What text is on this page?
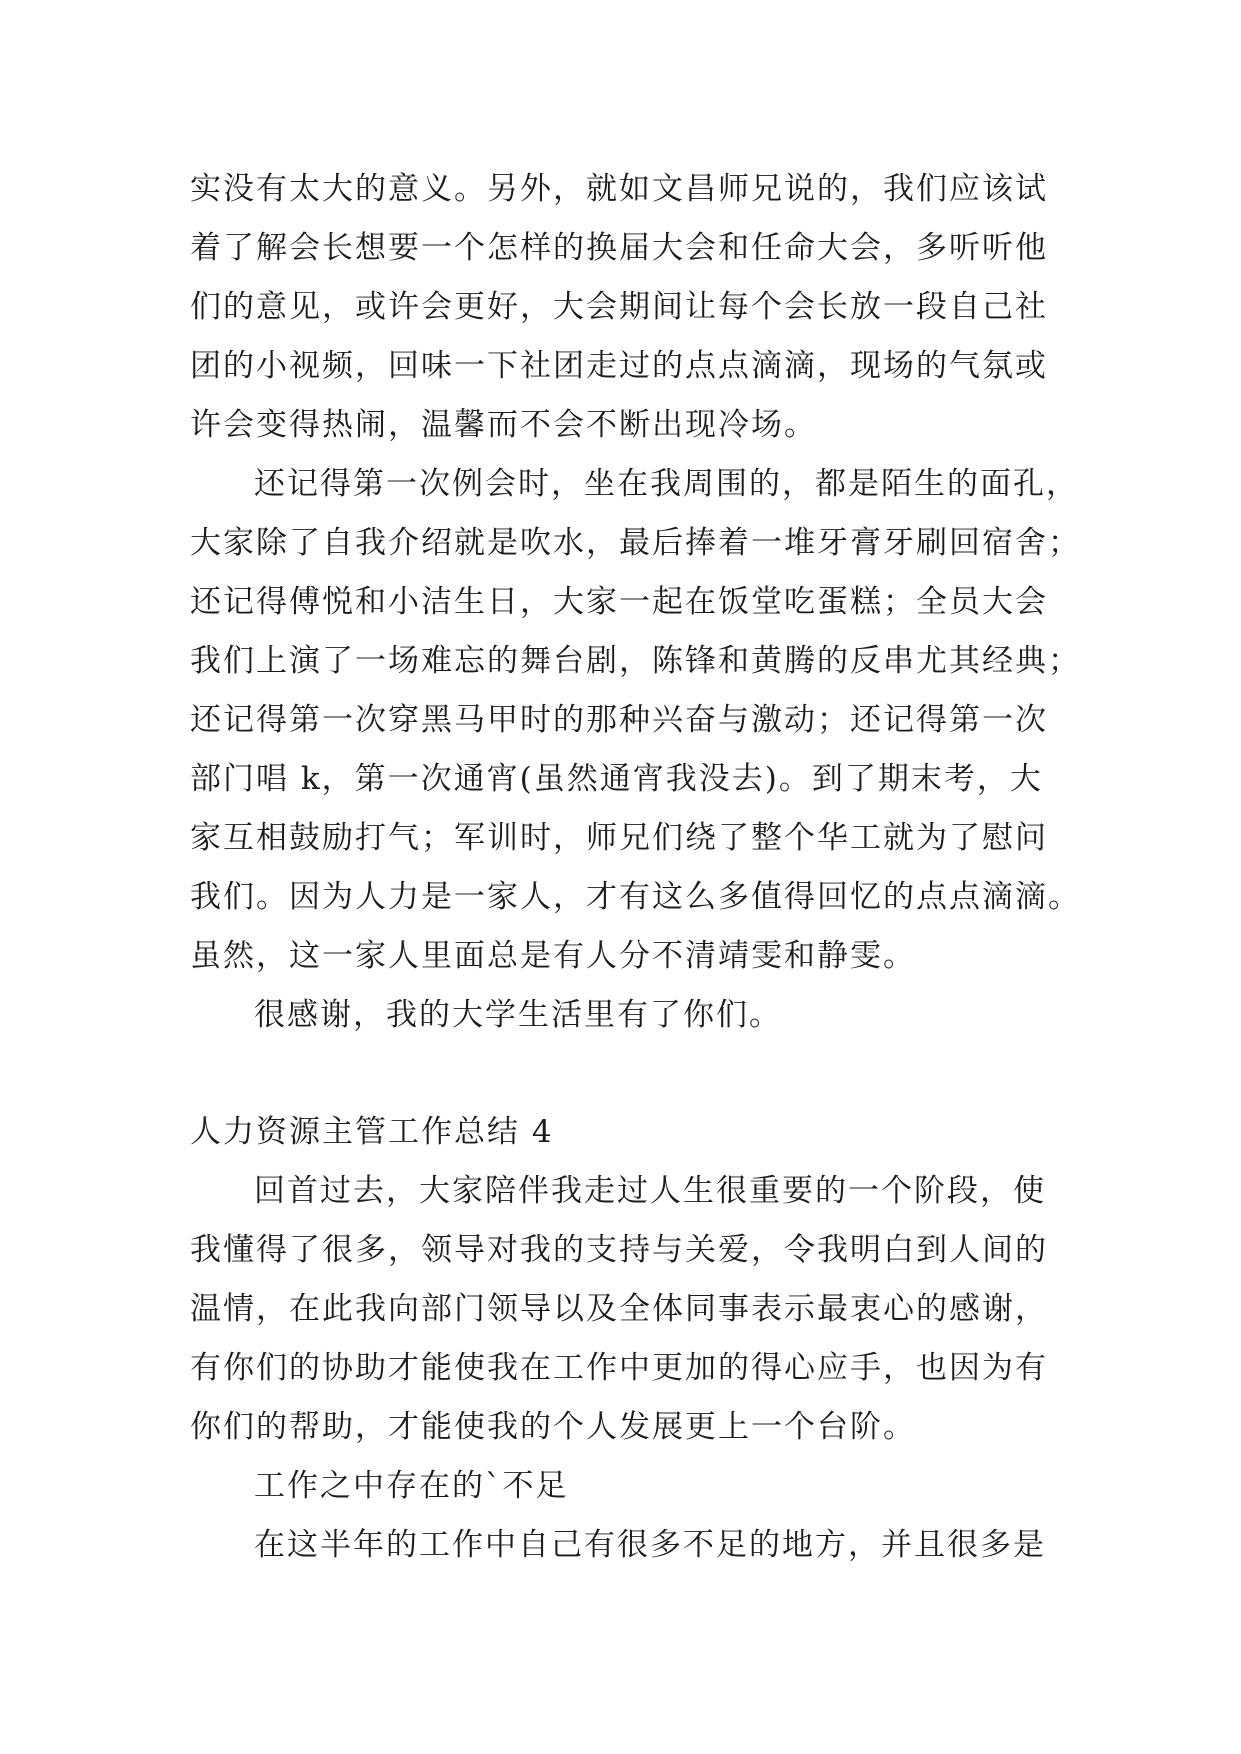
实没有太大的意义。另外，就如文昌师兄说的，我们应该试
着了解会长想要一个怎样的换届大会和任命大会，多听听他
们的意见，或许会更好，大会期间让每个会长放一段自己社
团的小视频，回味一下社团走过的点点滴滴，现场的气氛或
许会变得热闹，温馨而不会不断出现冷场。
还记得第一次例会时，坐在我周围的，都是陌生的面孔，
大家除了自我介绍就是吹水，最后捧着一堆牙膏牙刷回宿舍；
还记得傅悦和小洁生日，大家一起在饭堂吃蛋糕；全员大会
我们上演了一场难忘的舞台剧，陈锋和黄腾的反串尤其经典；
还记得第一次穿黑马甲时的那种兴奋与激动；还记得第一次
部门唱 k，第一次通宵(虽然通宵我没去)。到了期末考，大
家互相鼓励打气；军训时，师兄们绕了整个华工就为了慰问
我们。因为人力是一家人，才有这么多值得回忆的点点滴滴。
虽然，这一家人里面总是有人分不清靖雯和静雯。
很感谢，我的大学生活里有了你们。
人力资源主管工作总结 4
回首过去，大家陪伴我走过人生很重要的一个阶段，使
我懂得了很多，领导对我的支持与关爱，令我明白到人间的
温情，在此我向部门领导以及全体同事表示最衷心的感谢，
有你们的协助才能使我在工作中更加的得心应手，也因为有
你们的帮助，才能使我的个人发展更上一个台阶。
工作之中存在的`不足
在这半年的工作中自己有很多不足的地方，并且很多是
